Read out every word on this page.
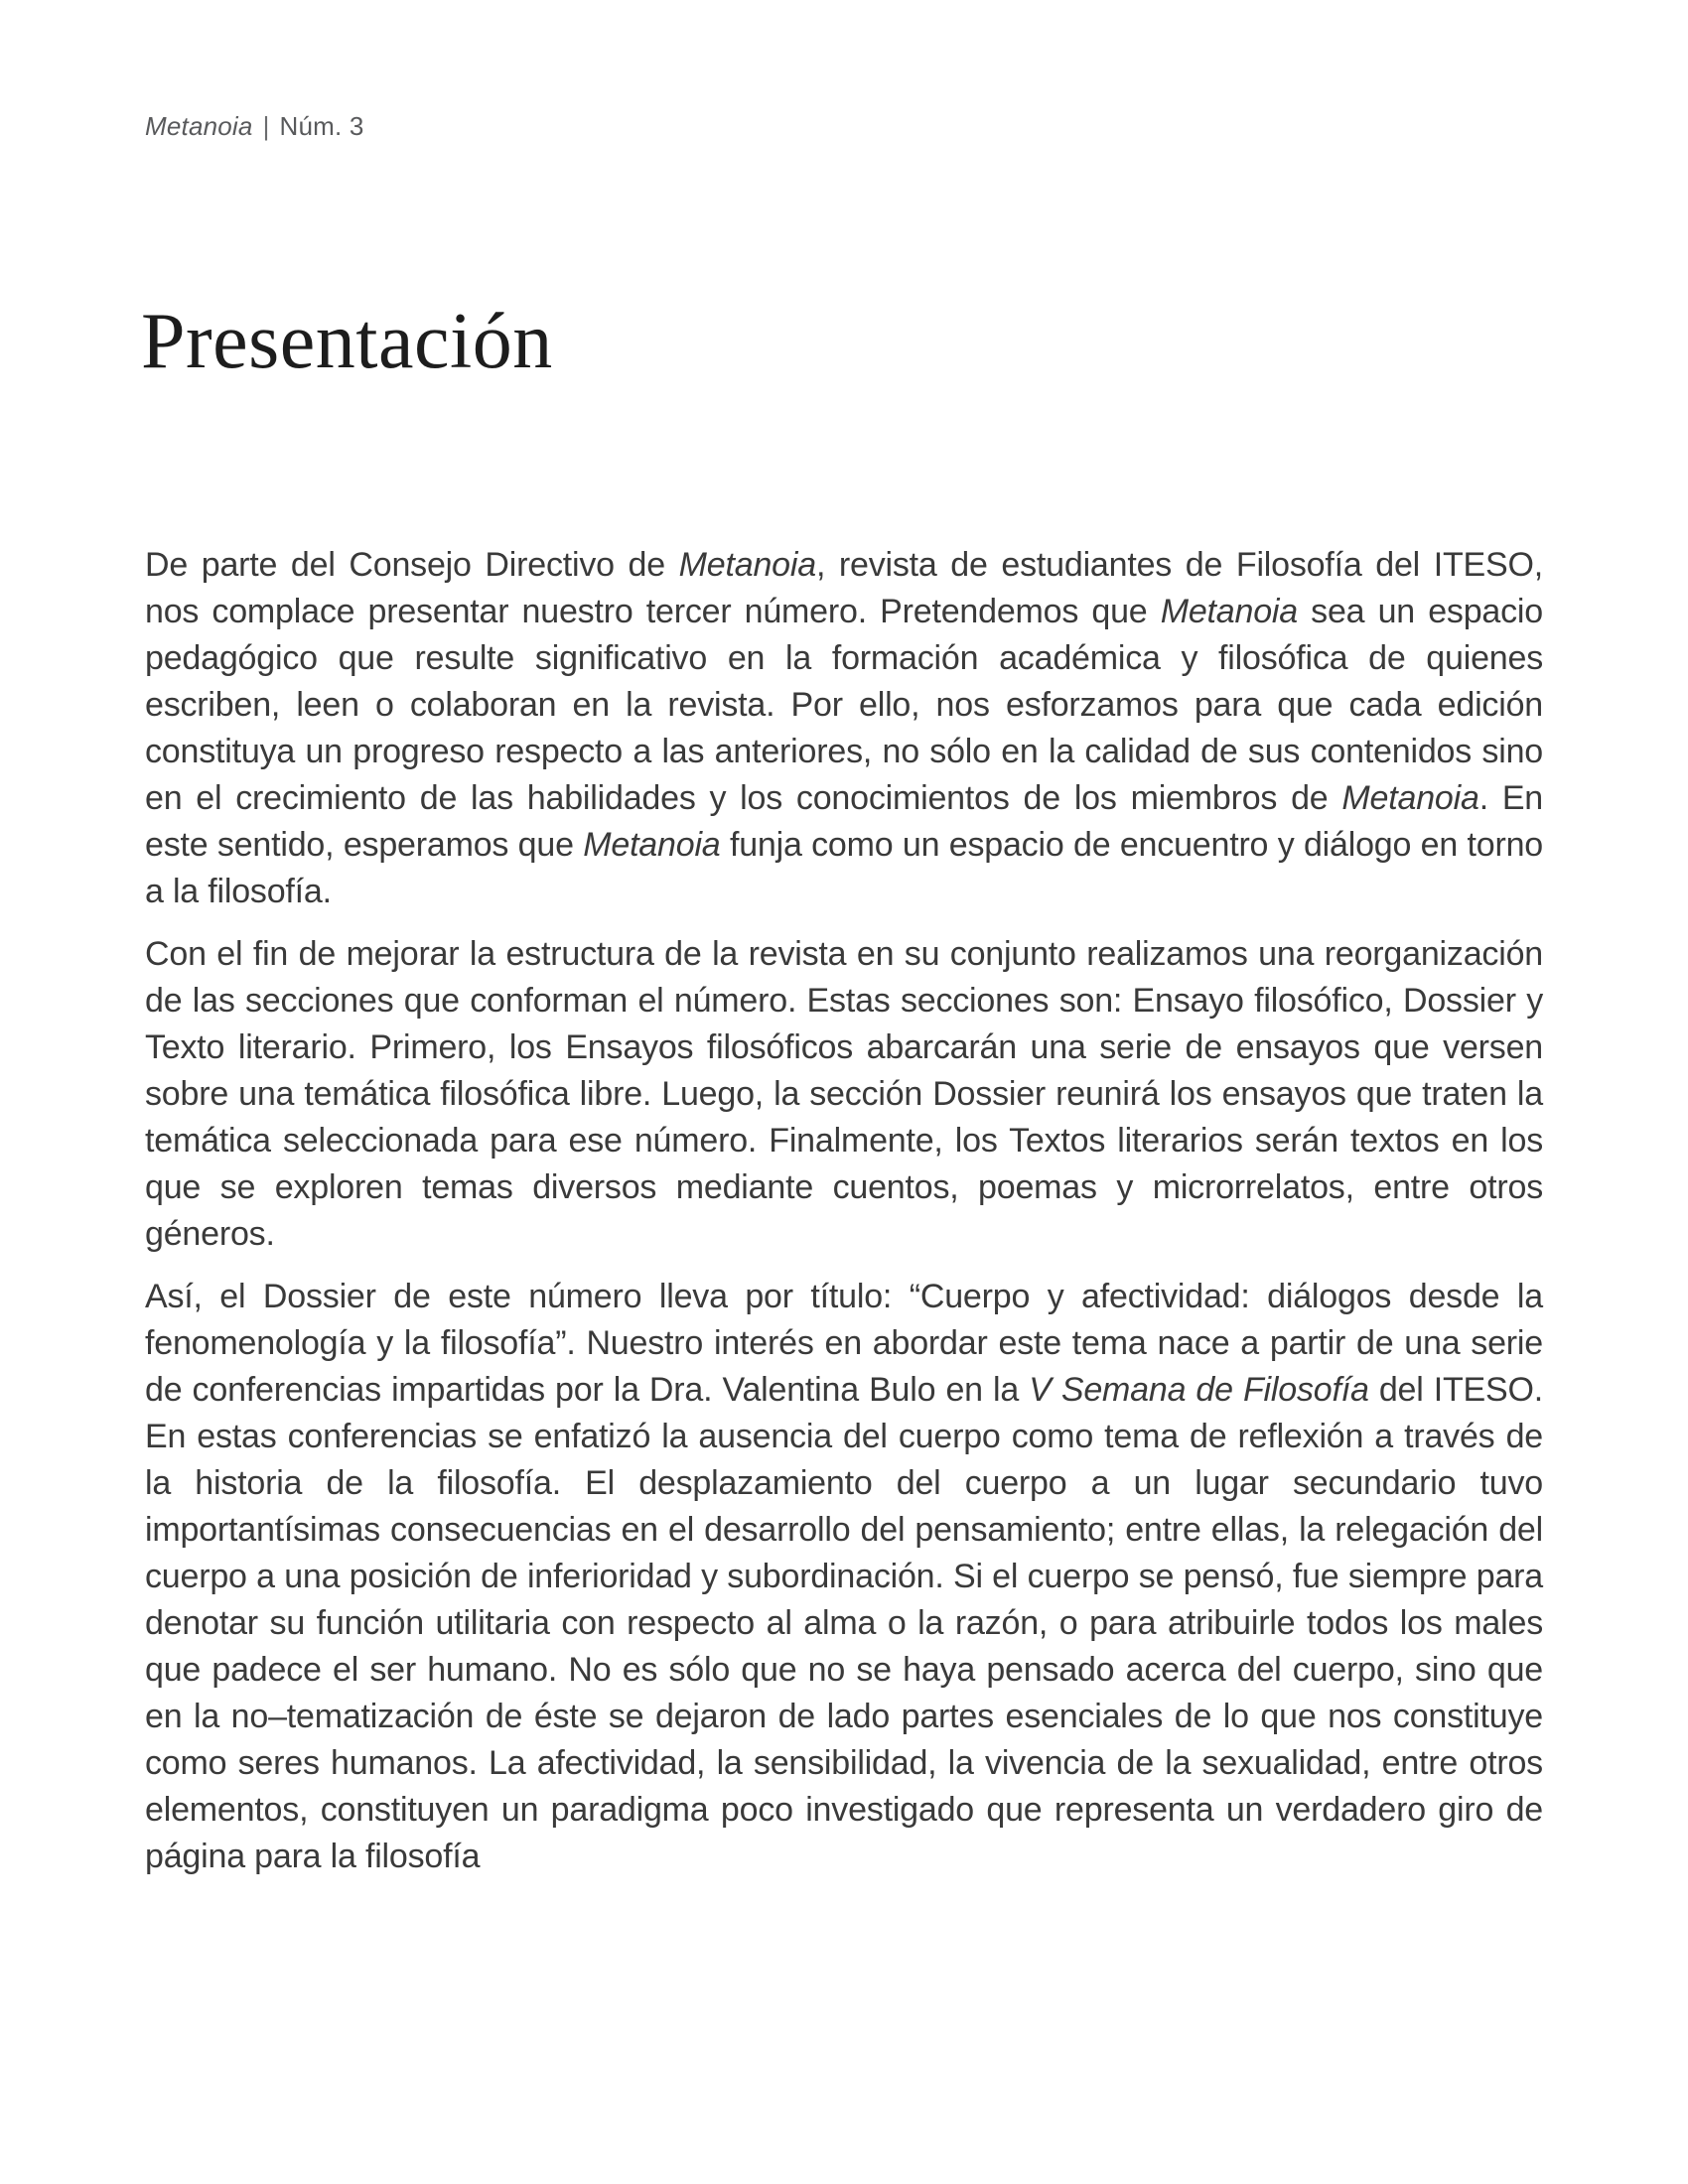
Metanoia | Núm. 3
Presentación

De parte del Consejo Directivo de Metanoia, revista de estudiantes de Filosofía del ITESO, nos complace presentar nuestro tercer número. Pretendemos que Metanoia sea un espacio pedagógico que resulte significativo en la formación académica y filosófica de quienes escriben, leen o colaboran en la revista. Por ello, nos esforzamos para que cada edición constituya un progreso respecto a las anteriores, no sólo en la calidad de sus contenidos sino en el crecimiento de las habilidades y los conocimientos de los miembros de Metanoia. En este sentido, esperamos que Metanoia funja como un espacio de encuentro y diálogo en torno a la filosofía.

Con el fin de mejorar la estructura de la revista en su conjunto realizamos una reorganización de las secciones que conforman el número. Estas secciones son: Ensayo filosófico, Dossier y Texto literario. Primero, los Ensayos filosóficos abarcarán una serie de ensayos que versen sobre una temática filosófica libre. Luego, la sección Dossier reunirá los ensayos que traten la temática seleccionada para ese número. Finalmente, los Textos literarios serán textos en los que se exploren temas diversos mediante cuentos, poemas y microrrelatos, entre otros géneros.

Así, el Dossier de este número lleva por título: “Cuerpo y afectividad: diálogos desde la fenomenología y la filosofía”. Nuestro interés en abordar este tema nace a partir de una serie de conferencias impartidas por la Dra. Valentina Bulo en la V Semana de Filosofía del ITESO. En estas conferencias se enfatizó la ausencia del cuerpo como tema de reflexión a través de la historia de la filosofía. El desplazamiento del cuerpo a un lugar secundario tuvo importantísimas consecuencias en el desarrollo del pensamiento; entre ellas, la relegación del cuerpo a una posición de inferioridad y subordinación. Si el cuerpo se pensó, fue siempre para denotar su función utilitaria con respecto al alma o la razón, o para atribuirle todos los males que padece el ser humano. No es sólo que no se haya pensado acerca del cuerpo, sino que en la no–tematización de éste se dejaron de lado partes esenciales de lo que nos constituye como seres humanos. La afectividad, la sensibilidad, la vivencia de la sexualidad, entre otros elementos, constituyen un paradigma poco investigado que representa un verdadero giro de página para la filosofía
